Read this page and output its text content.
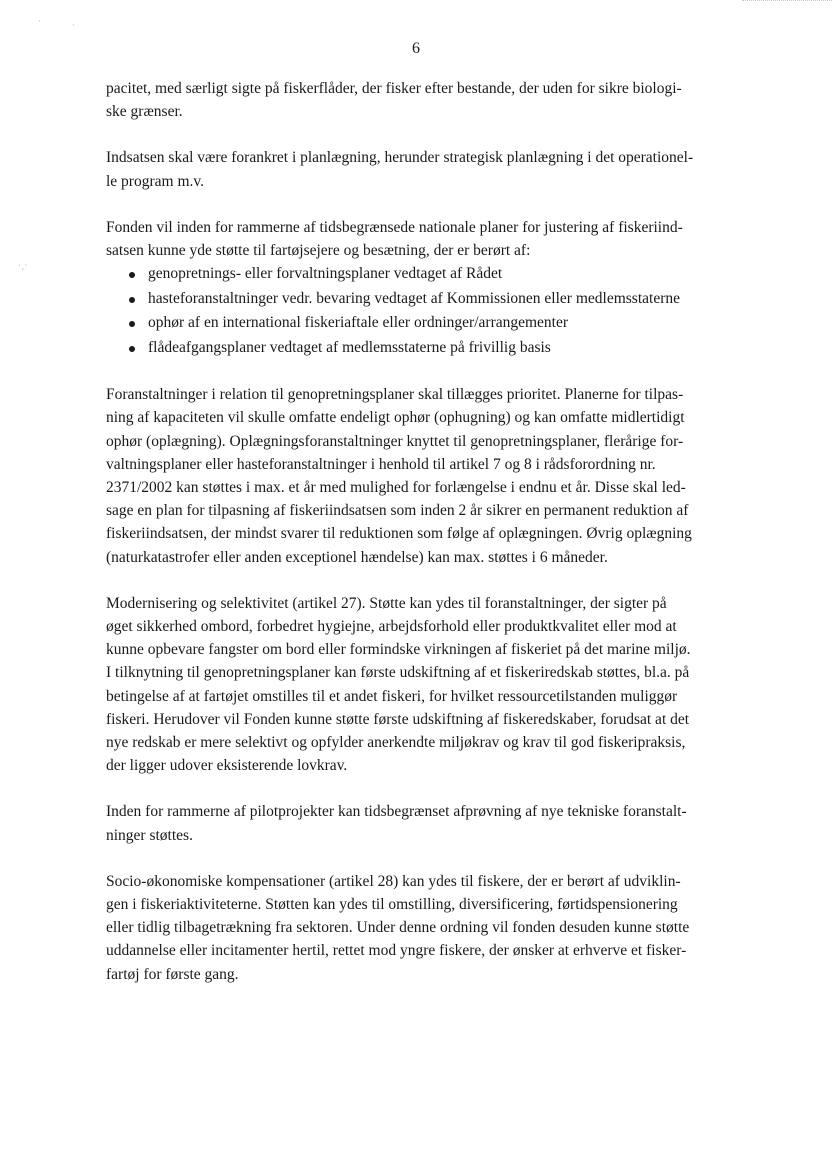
·	·
·ˏ·
6

pacitet, med særligt sigte på fiskerflåder, der fisker efter bestande, der uden for sikre biologi-
ske grænser.

Indsatsen skal være forankret i planlægning, herunder strategisk planlægning i det operationel-
le program m.v.

Fonden vil inden for rammerne af tidsbegrænsede nationale planer for justering af fiskeriind-
satsen kunne yde støtte til fartøjsejere og besætning, der er berørt af:
genopretnings- eller forvaltningsplaner vedtaget af Rådet
hasteforanstaltninger vedr. bevaring vedtaget af Kommissionen eller medlemsstaterne
ophør af en international fiskeriaftale eller ordninger/arrangementer
flådeafgangsplaner vedtaget af medlemsstaterne på frivillig basis

Foranstaltninger i relation til genopretningsplaner skal tillægges prioritet. Planerne for tilpas-
ning af kapaciteten vil skulle omfatte endeligt ophør (ophugning) og kan omfatte midlertidigt
ophør (oplægning). Oplægningsforanstaltninger knyttet til genopretningsplaner, flerårige for-
valtningsplaner eller hasteforanstaltninger i henhold til artikel 7 og 8 i rådsforordning nr.
2371/2002 kan støttes i max. et år med mulighed for forlængelse i endnu et år. Disse skal led-
sage en plan for tilpasning af fiskeriindsatsen som inden 2 år sikrer en permanent reduktion af
fiskeriindsatsen, der mindst svarer til reduktionen som følge af oplægningen. Øvrig oplægning
(naturkatastrofer eller anden exceptionel hændelse) kan max. støttes i 6 måneder.

Modernisering og selektivitet (artikel 27). Støtte kan ydes til foranstaltninger, der sigter på
øget sikkerhed ombord, forbedret hygiejne, arbejdsforhold eller produktkvalitet eller mod at
kunne opbevare fangster om bord eller formindske virkningen af fiskeriet på det marine miljø.
I tilknytning til genopretningsplaner kan første udskiftning af et fiskeriredskab støttes, bl.a. på
betingelse af at fartøjet omstilles til et andet fiskeri, for hvilket ressourcetilstanden muliggør
fiskeri. Herudover vil Fonden kunne støtte første udskiftning af fiskeredskaber, forudsat at det
nye redskab er mere selektivt og opfylder anerkendte miljøkrav og krav til god fiskeripraksis,
der ligger udover eksisterende lovkrav.

Inden for rammerne af pilotprojekter kan tidsbegrænset afprøvning af nye tekniske foranstalt-
ninger støttes.

Socio-økonomiske kompensationer (artikel 28) kan ydes til fiskere, der er berørt af udviklin-
gen i fiskeriaktiviteterne. Støtten kan ydes til omstilling, diversificering, førtidspensionering
eller tidlig tilbagetrækning fra sektoren. Under denne ordning vil fonden desuden kunne støtte
uddannelse eller incitamenter hertil, rettet mod yngre fiskere, der ønsker at erhverve et fisker-
fartøj for første gang.
